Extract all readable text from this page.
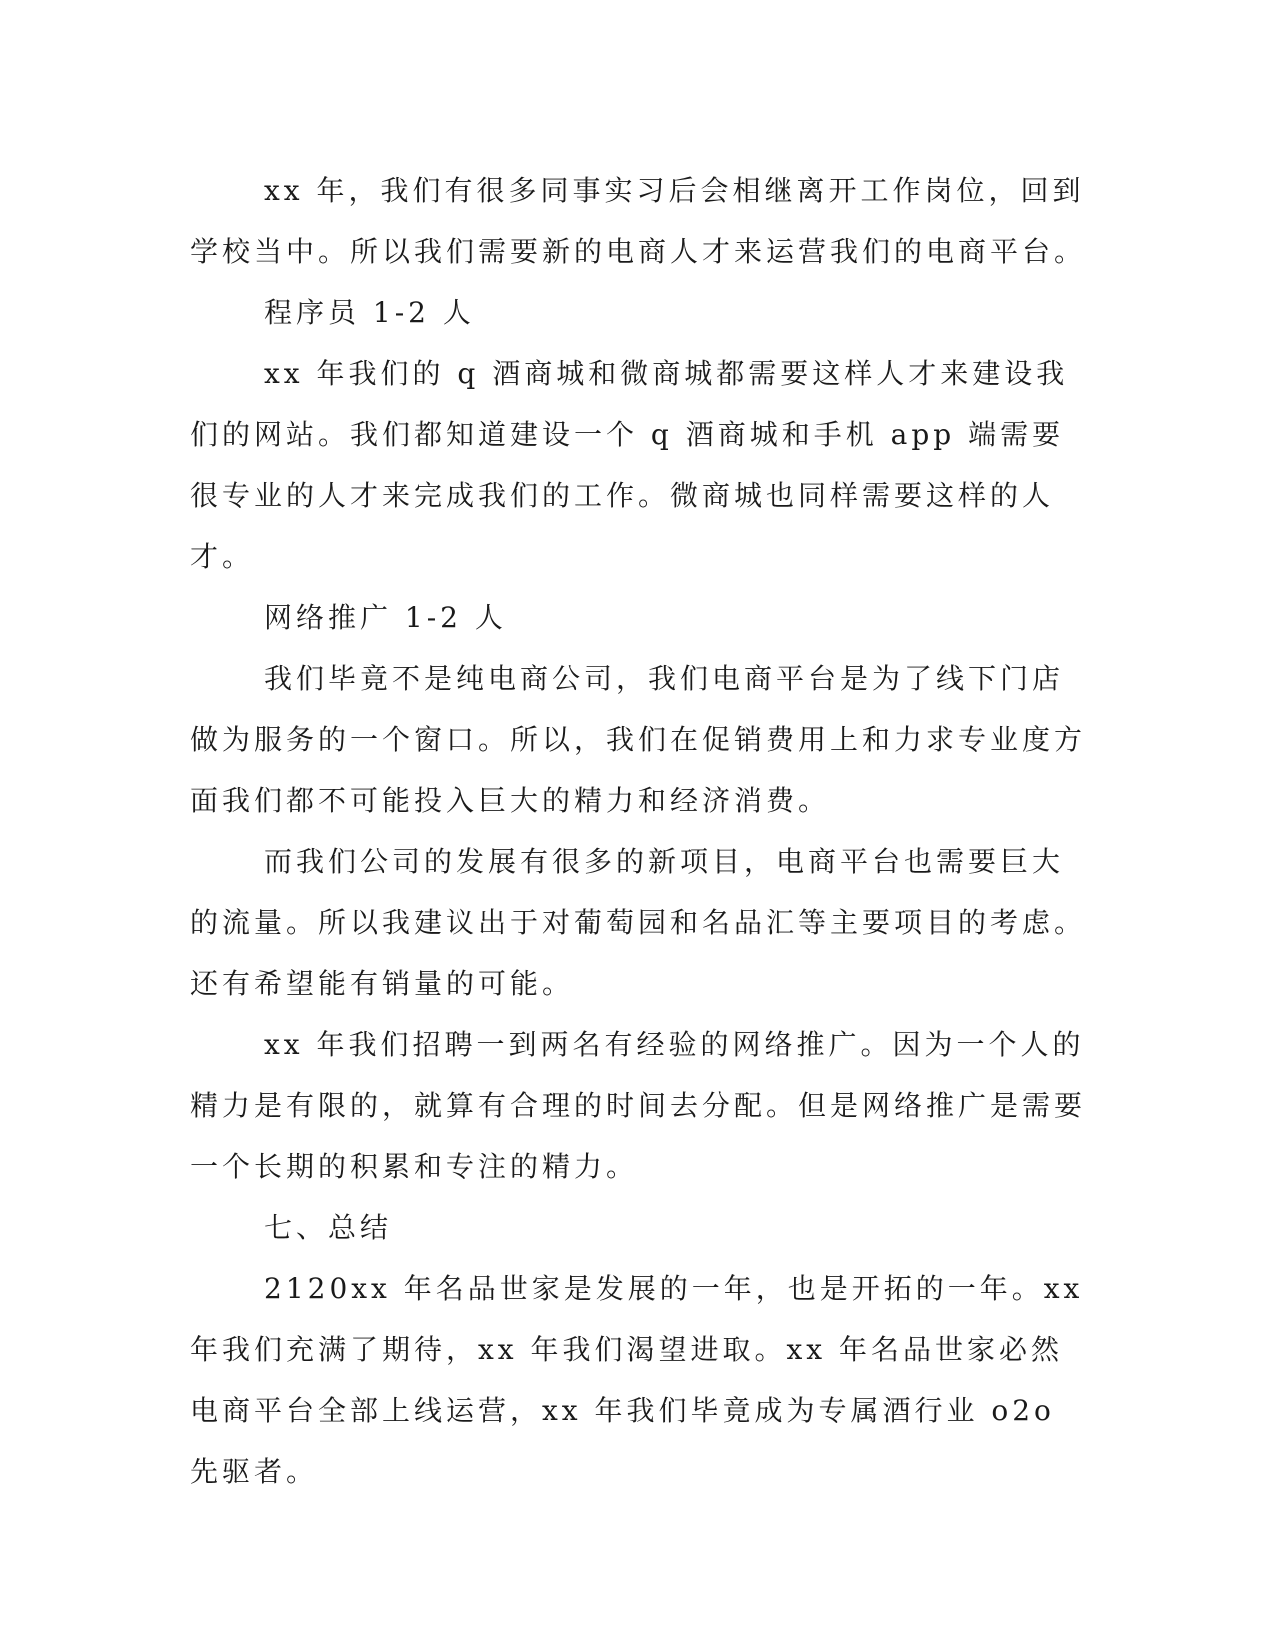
xx 年，我们有很多同事实习后会相继离开工作岗位，回到学校当中。所以我们需要新的电商人才来运营我们的电商平台。

程序员 1-2 人

xx 年我们的 q 酒商城和微商城都需要这样人才来建设我们的网站。我们都知道建设一个 q 酒商城和手机 app 端需要很专业的人才来完成我们的工作。微商城也同样需要这样的人才。

网络推广 1-2 人

我们毕竟不是纯电商公司，我们电商平台是为了线下门店做为服务的一个窗口。所以，我们在促销费用上和力求专业度方面我们都不可能投入巨大的精力和经济消费。

而我们公司的发展有很多的新项目，电商平台也需要巨大的流量。所以我建议出于对葡萄园和名品汇等主要项目的考虑。还有希望能有销量的可能。

xx 年我们招聘一到两名有经验的网络推广。因为一个人的精力是有限的，就算有合理的时间去分配。但是网络推广是需要一个长期的积累和专注的精力。

七、总结

2120xx 年名品世家是发展的一年，也是开拓的一年。xx 年我们充满了期待，xx 年我们渴望进取。xx 年名品世家必然电商平台全部上线运营，xx 年我们毕竟成为专属酒行业 o2o 先驱者。
